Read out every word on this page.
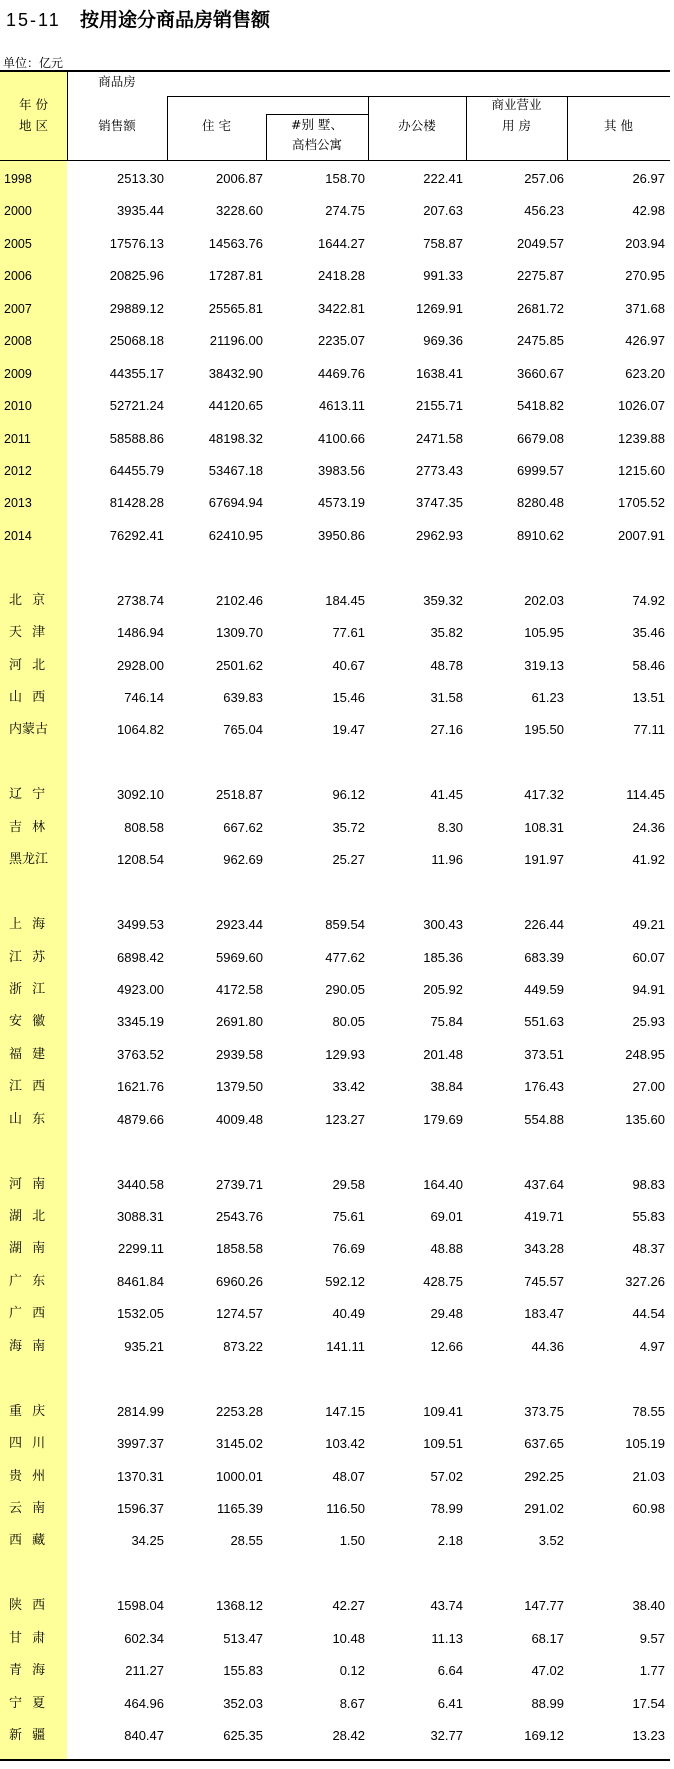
15-11 按用途分商品房销售额
单位：亿元
年 份
地 区
商品房
销售额	住 宅	#别 墅、
高档公寓
办公楼
商业营业
用 房	其 他
1998	2513.30	2006.87	158.70	222.41	257.06	26.97
2000	3935.44	3228.60	274.75	207.63	456.23	42.98
2005	17576.13	14563.76	1644.27	758.87	2049.57	203.94
2006	20825.96	17287.81	2418.28	991.33	2275.87	270.95
2007	29889.12	25565.81	3422.81	1269.91	2681.72	371.68
2008	25068.18	21196.00	2235.07	969.36	2475.85	426.97
2009	44355.17	38432.90	4469.76	1638.41	3660.67	623.20
2010	52721.24	44120.65	4613.11	2155.71	5418.82	1026.07
2011	58588.86	48198.32	4100.66	2471.58	6679.08	1239.88
2012	64455.79	53467.18	3983.56	2773.43	6999.57	1215.60
2013	81428.28	67694.94	4573.19	3747.35	8280.48	1705.52
2014	76292.41	62410.95	3950.86	2962.93	8910.62	2007.91
北 京	2738.74	2102.46	184.45	359.32	202.03	74.92
天 津	1486.94	1309.70	77.61	35.82	105.95	35.46
河 北	2928.00	2501.62	40.67	48.78	319.13	58.46
山 西	746.14	639.83	15.46	31.58	61.23	13.51
内蒙古	1064.82	765.04	19.47	27.16	195.50	77.11
辽 宁	3092.10	2518.87	96.12	41.45	417.32	114.45
吉 林	808.58	667.62	35.72	8.30	108.31	24.36
黑龙江	1208.54	962.69	25.27	11.96	191.97	41.92
上 海	3499.53	2923.44	859.54	300.43	226.44	49.21
江 苏	6898.42	5969.60	477.62	185.36	683.39	60.07
浙 江	4923.00	4172.58	290.05	205.92	449.59	94.91
安 徽	3345.19	2691.80	80.05	75.84	551.63	25.93
福 建	3763.52	2939.58	129.93	201.48	373.51	248.95
江 西	1621.76	1379.50	33.42	38.84	176.43	27.00
山 东	4879.66	4009.48	123.27	179.69	554.88	135.60
河 南	3440.58	2739.71	29.58	164.40	437.64	98.83
湖 北	3088.31	2543.76	75.61	69.01	419.71	55.83
湖 南	2299.11	1858.58	76.69	48.88	343.28	48.37
广 东	8461.84	6960.26	592.12	428.75	745.57	327.26
广 西	1532.05	1274.57	40.49	29.48	183.47	44.54
海 南	935.21	873.22	141.11	12.66	44.36	4.97
重 庆	2814.99	2253.28	147.15	109.41	373.75	78.55
四 川	3997.37	3145.02	103.42	109.51	637.65	105.19
贵 州	1370.31	1000.01	48.07	57.02	292.25	21.03
云 南	1596.37	1165.39	116.50	78.99	291.02	60.98
西 藏	34.25	28.55	1.50	2.18	3.52
陕 西	1598.04	1368.12	42.27	43.74	147.77	38.40
甘 肃	602.34	513.47	10.48	11.13	68.17	9.57
青 海	211.27	155.83	0.12	6.64	47.02	1.77
宁 夏	464.96	352.03	8.67	6.41	88.99	17.54
新 疆	840.47	625.35	28.42	32.77	169.12	13.23
